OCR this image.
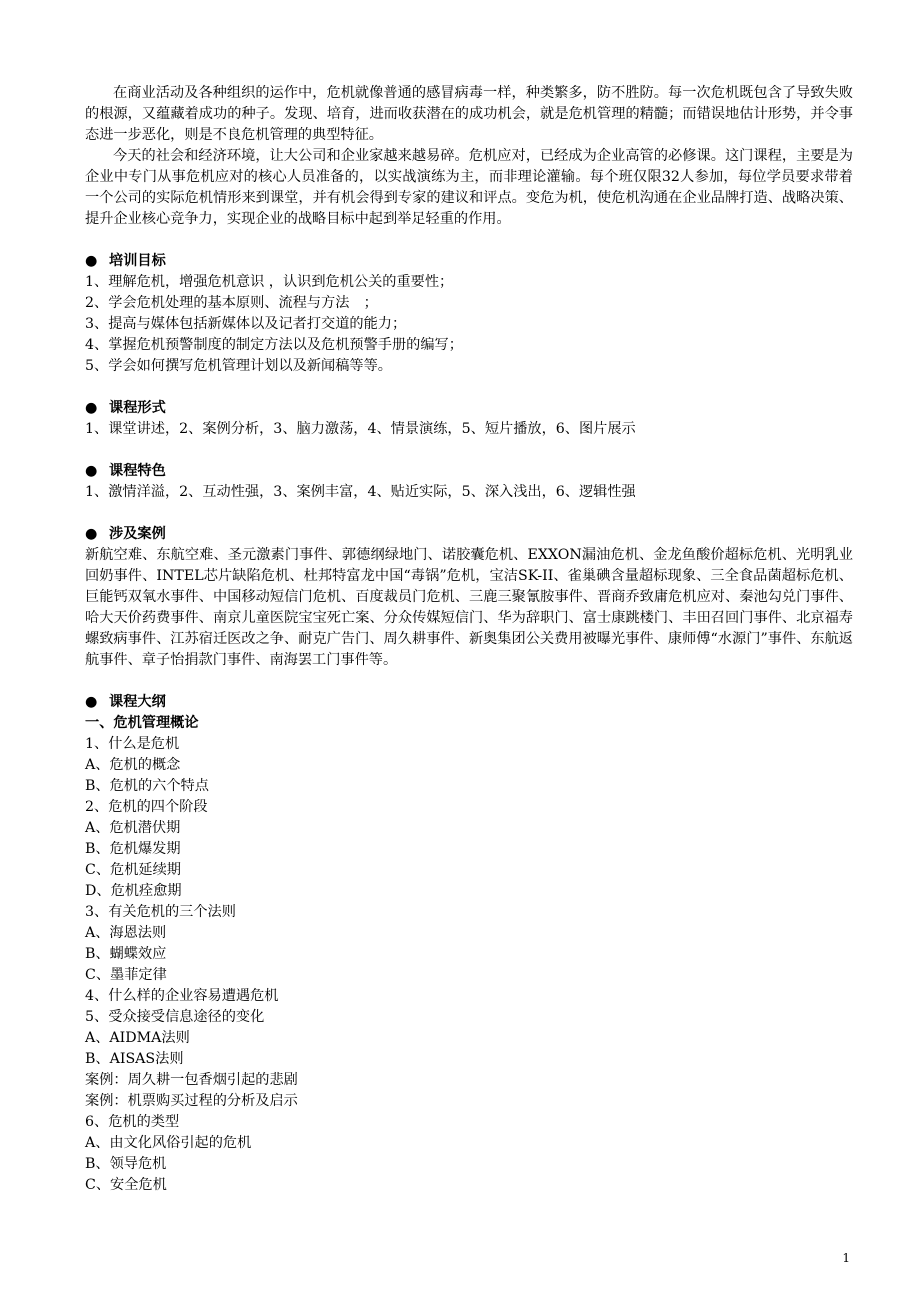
在商业活动及各种组织的运作中，危机就像普通的感冒病毒一样，种类繁多，防不胜防。每一次危机既包含了导致失败的根源，又蕴藏着成功的种子。发现、培育，进而收获潜在的成功机会，就是危机管理的精髓；而错误地估计形势，并令事态进一步恶化，则是不良危机管理的典型特征。

今天的社会和经济环境，让大公司和企业家越来越易碎。危机应对，已经成为企业高管的必修课。这门课程，主要是为企业中专门从事危机应对的核心人员准备的，以实战演练为主，而非理论灌输。每个班仅限32人参加，每位学员要求带着一个公司的实际危机情形来到课堂，并有机会得到专家的建议和评点。变危为机，使危机沟通在企业品牌打造、战略决策、提升企业核心竞争力，实现企业的战略目标中起到举足轻重的作用。

● 培训目标
1、理解危机，增强危机意识 ，认识到危机公关的重要性；
2、学会危机处理的基本原则、流程与方法　；
3、提高与媒体包括新媒体以及记者打交道的能力；
4、掌握危机预警制度的制定方法以及危机预警手册的编写；
5、学会如何撰写危机管理计划以及新闻稿等等。
● 课程形式
1、课堂讲述，2、案例分析，3、脑力激荡，4、情景演练，5、短片播放，6、图片展示
● 课程特色
1、激情洋溢，2、互动性强，3、案例丰富，4、贴近实际，5、深入浅出，6、逻辑性强
● 涉及案例

新航空难、东航空难、圣元激素门事件、郭德纲绿地门、诺胶囊危机、EXXON漏油危机、金龙鱼酸价超标危机、光明乳业回奶事件、INTEL芯片缺陷危机、杜邦特富龙中国“毒锅”危机，宝洁SK-II、雀巢碘含量超标现象、三全食品菌超标危机、巨能钙双氧水事件、中国移动短信门危机、百度裁员门危机、三鹿三聚氰胺事件、晋商乔致庸危机应对、秦池勾兑门事件、哈大天价药费事件、南京儿童医院宝宝死亡案、分众传媒短信门、华为辞职门、富士康跳楼门、丰田召回门事件、北京福寿螺致病事件、江苏宿迁医改之争、耐克广告门、周久耕事件、新奥集团公关费用被曝光事件、康师傅“水源门”事件、东航返航事件、章子怡捐款门事件、南海罢工门事件等。

● 课程大纲
一、危机管理概论
1、什么是危机
A、危机的概念
B、危机的六个特点
2、危机的四个阶段
A、危机潜伏期
B、危机爆发期
C、危机延续期
D、危机痊愈期
3、有关危机的三个法则
A、海恩法则
B、蝴蝶效应
C、墨菲定律
4、什么样的企业容易遭遇危机
5、受众接受信息途径的变化
A、AIDMA法则
B、AISAS法则
案例：周久耕一包香烟引起的悲剧
案例：机票购买过程的分析及启示
6、危机的类型
A、由文化风俗引起的危机
B、领导危机
C、安全危机
1
